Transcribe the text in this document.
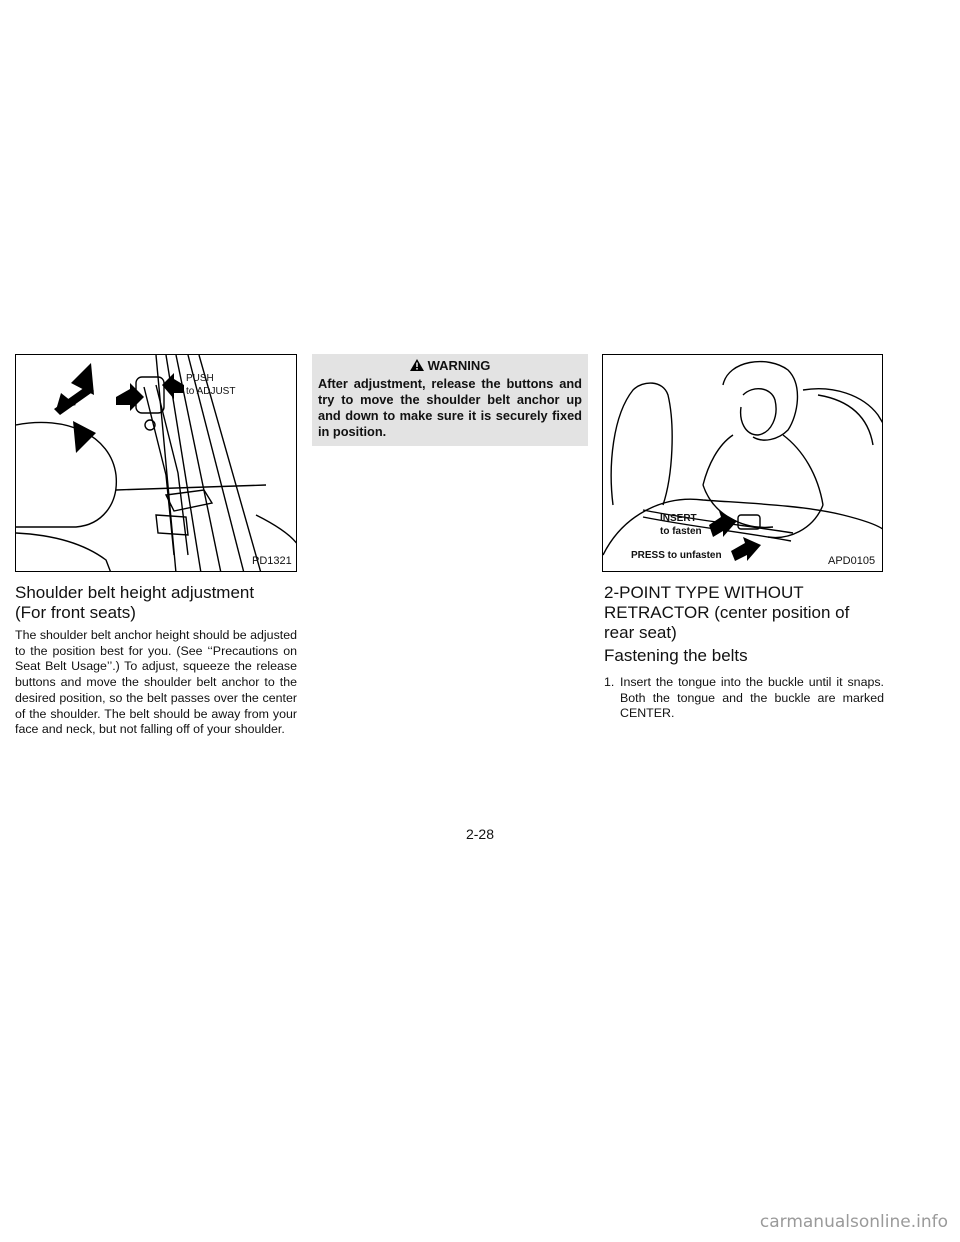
PUSH
to ADJUST
PD1321
Shoulder belt height adjustment
(For front seats)

The shoulder belt anchor height should be adjusted to the position best for you. (See ‘‘Precautions on Seat Belt Usage’’.) To adjust, squeeze the release buttons and move the shoulder belt anchor to the desired position, so the belt passes over the center of the shoulder. The belt should be away from your face and neck, but not falling off of your shoulder.

WARNING

After adjustment, release the buttons and try to move the shoulder belt anchor up and down to make sure it is securely fixed in position.

INSERT
to fasten
PRESS to unfasten	APD0105
2-POINT TYPE WITHOUT
RETRACTOR (center position of
rear seat)
Fastening the belts
1. Insert the tongue into the buckle until it snaps. Both the tongue and the buckle are marked CENTER.
2-28
carmanualsonline.info
